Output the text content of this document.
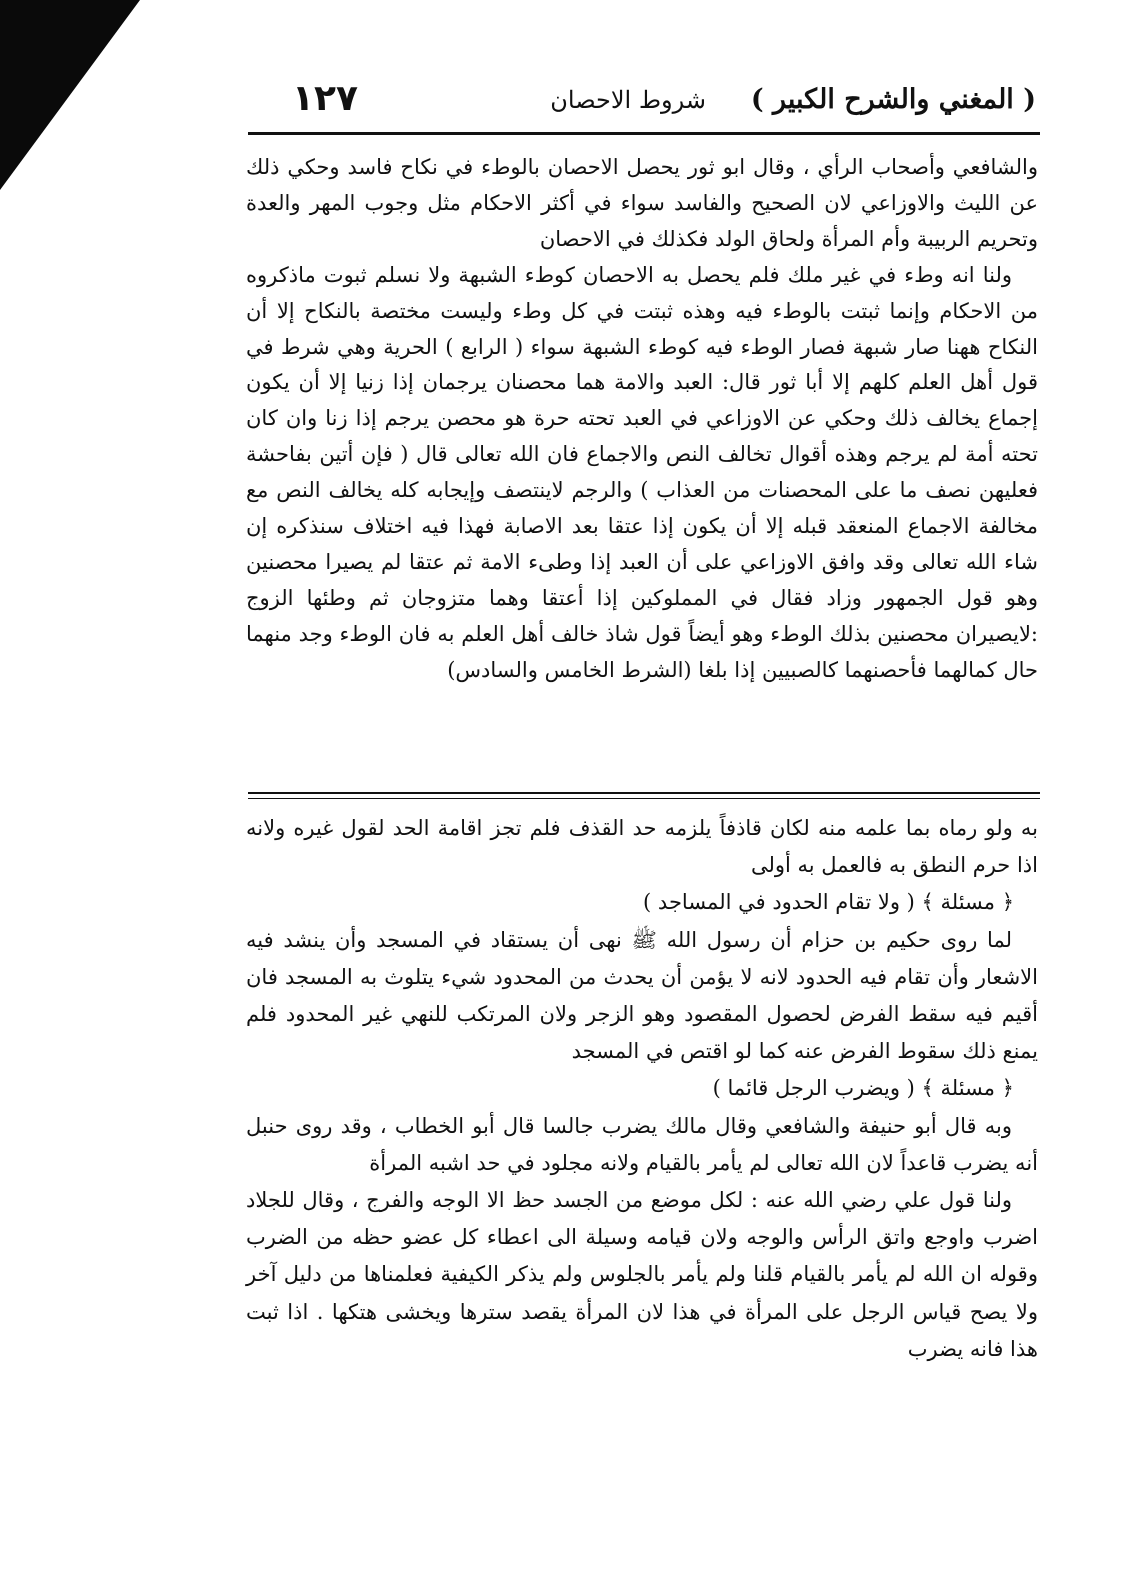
( المغني والشرح الكبير )
شروط الاحصان
١٢٧

والشافعي وأصحاب الرأي ، وقال ابو ثور يحصل الاحصان بالوطء في نكاح فاسد وحكي ذلك عن الليث والاوزاعي لان الصحيح والفاسد سواء في أكثر الاحكام مثل وجوب المهر والعدة وتحريم الربيبة وأم المرأة ولحاق الولد فكذلك في الاحصان

ولنا انه وطء في غير ملك فلم يحصل به الاحصان كوطء الشبهة ولا نسلم ثبوت ماذكروه من الاحكام وإنما ثبتت بالوطء فيه وهذه ثبتت في كل وطء وليست مختصة بالنكاح إلا أن النكاح ههنا صار شبهة فصار الوطء فيه كوطء الشبهة سواء ( الرابع ) الحرية وهي شرط في قول أهل العلم كلهم إلا أبا ثور قال: العبد والامة هما محصنان يرجمان إذا زنيا إلا أن يكون إجماع يخالف ذلك وحكي عن الاوزاعي في العبد تحته حرة هو محصن يرجم إذا زنا وان كان تحته أمة لم يرجم وهذه أقوال تخالف النص والاجماع فان الله تعالى قال ( فإن أتين بفاحشة فعليهن نصف ما على المحصنات من العذاب ) والرجم لاينتصف وإيجابه كله يخالف النص مع مخالفة الاجماع المنعقد قبله إلا أن يكون إذا عتقا بعد الاصابة فهذا فيه اختلاف سنذكره إن شاء الله تعالى وقد وافق الاوزاعي على أن العبد إذا وطىء الامة ثم عتقا لم يصيرا محصنين وهو قول الجمهور وزاد فقال في المملوكين إذا أعتقا وهما متزوجان ثم وطئها الزوج :لايصيران محصنين بذلك الوطء وهو أيضاً قول شاذ خالف أهل العلم به فان الوطء وجد منهما حال كمالهما فأحصنهما كالصبيين إذا بلغا (الشرط الخامس والسادس)

به ولو رماه بما علمه منه لكان قاذفاً يلزمه حد القذف فلم تجز اقامة الحد لقول غيره ولانه اذا حرم النطق به فالعمل به أولى

﴿ مسئلة ﴾ ( ولا تقام الحدود في المساجد )

لما روى حكيم بن حزام أن رسول الله ﷺ نهى أن يستقاد في المسجد وأن ينشد فيه الاشعار وأن تقام فيه الحدود لانه لا يؤمن أن يحدث من المحدود شيء يتلوث به المسجد فان أقيم فيه سقط الفرض لحصول المقصود وهو الزجر ولان المرتكب للنهي غير المحدود فلم يمنع ذلك سقوط الفرض عنه كما لو اقتص في المسجد

﴿ مسئلة ﴾ ( ويضرب الرجل قائما )

وبه قال أبو حنيفة والشافعي وقال مالك يضرب جالسا قال أبو الخطاب ، وقد روى حنبل أنه يضرب قاعداً لان الله تعالى لم يأمر بالقيام ولانه مجلود في حد اشبه المرأة

ولنا قول علي رضي الله عنه : لكل موضع من الجسد حظ الا الوجه والفرج ، وقال للجلاد اضرب واوجع واتق الرأس والوجه ولان قيامه وسيلة الى اعطاء كل عضو حظه من الضرب وقوله ان الله لم يأمر بالقيام قلنا ولم يأمر بالجلوس ولم يذكر الكيفية فعلمناها من دليل آخر ولا يصح قياس الرجل على المرأة في هذا لان المرأة يقصد سترها ويخشى هتكها . اذا ثبت هذا فانه يضرب
